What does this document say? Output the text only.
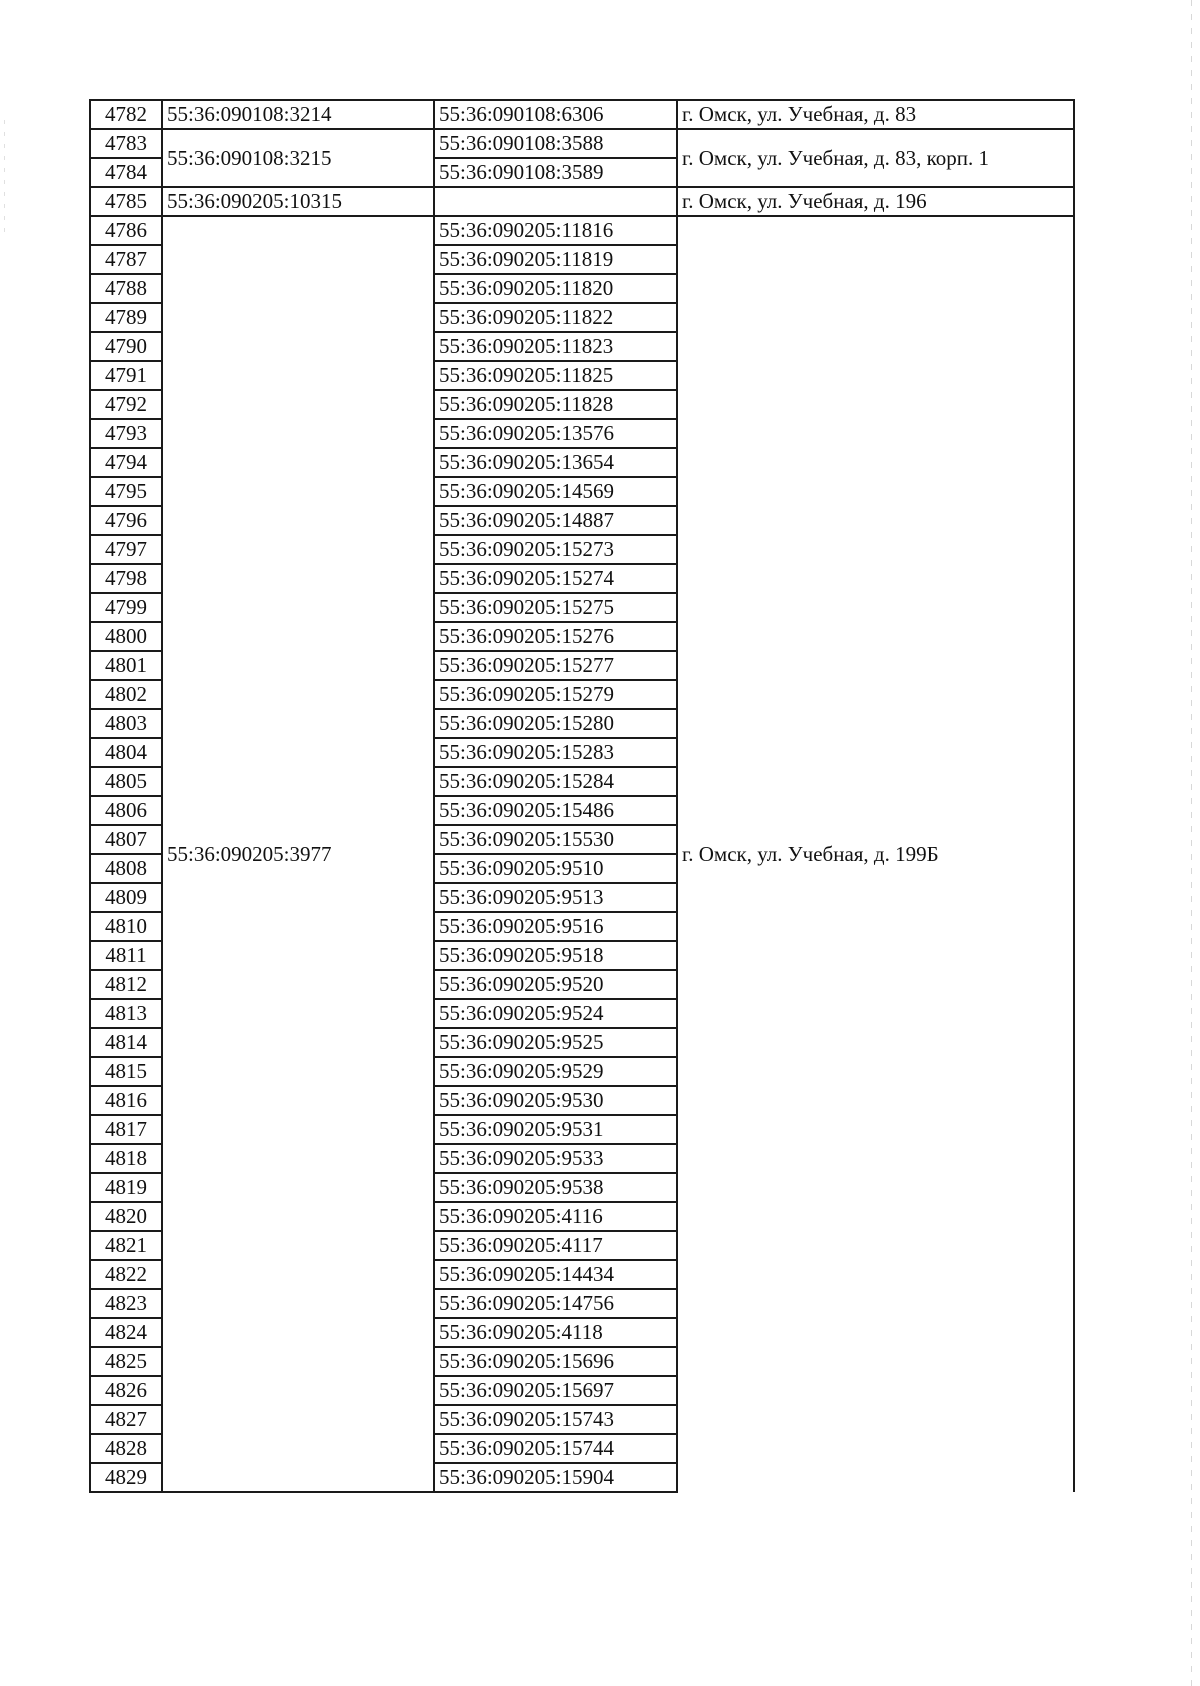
4782	55:36:090108:3214	55:36:090108:6306	г. Омск, ул. Учебная, д. 83
4783	55:36:090108:3215	55:36:090108:3588	г. Омск, ул. Учебная, д. 83, корп. 1
4784		55:36:090108:3589	
4785	55:36:090205:10315		г. Омск, ул. Учебная, д. 196
4786	55:36:090205:3977	55:36:090205:11816	г. Омск, ул. Учебная, д. 199Б
4787		55:36:090205:11819	
4788		55:36:090205:11820	
4789		55:36:090205:11822	
4790		55:36:090205:11823	
4791		55:36:090205:11825	
4792		55:36:090205:11828	
4793		55:36:090205:13576	
4794		55:36:090205:13654	
4795		55:36:090205:14569	
4796		55:36:090205:14887	
4797		55:36:090205:15273	
4798		55:36:090205:15274	
4799		55:36:090205:15275	
4800		55:36:090205:15276	
4801		55:36:090205:15277	
4802		55:36:090205:15279	
4803		55:36:090205:15280	
4804		55:36:090205:15283	
4805		55:36:090205:15284	
4806		55:36:090205:15486	
4807		55:36:090205:15530	
4808		55:36:090205:9510	
4809		55:36:090205:9513	
4810		55:36:090205:9516	
4811		55:36:090205:9518	
4812		55:36:090205:9520	
4813		55:36:090205:9524	
4814		55:36:090205:9525	
4815		55:36:090205:9529	
4816		55:36:090205:9530	
4817		55:36:090205:9531	
4818		55:36:090205:9533	
4819		55:36:090205:9538	
4820		55:36:090205:4116	
4821		55:36:090205:4117	
4822		55:36:090205:14434	
4823		55:36:090205:14756	
4824		55:36:090205:4118	
4825		55:36:090205:15696	
4826		55:36:090205:15697	
4827		55:36:090205:15743	
4828		55:36:090205:15744	
4829		55:36:090205:15904	
